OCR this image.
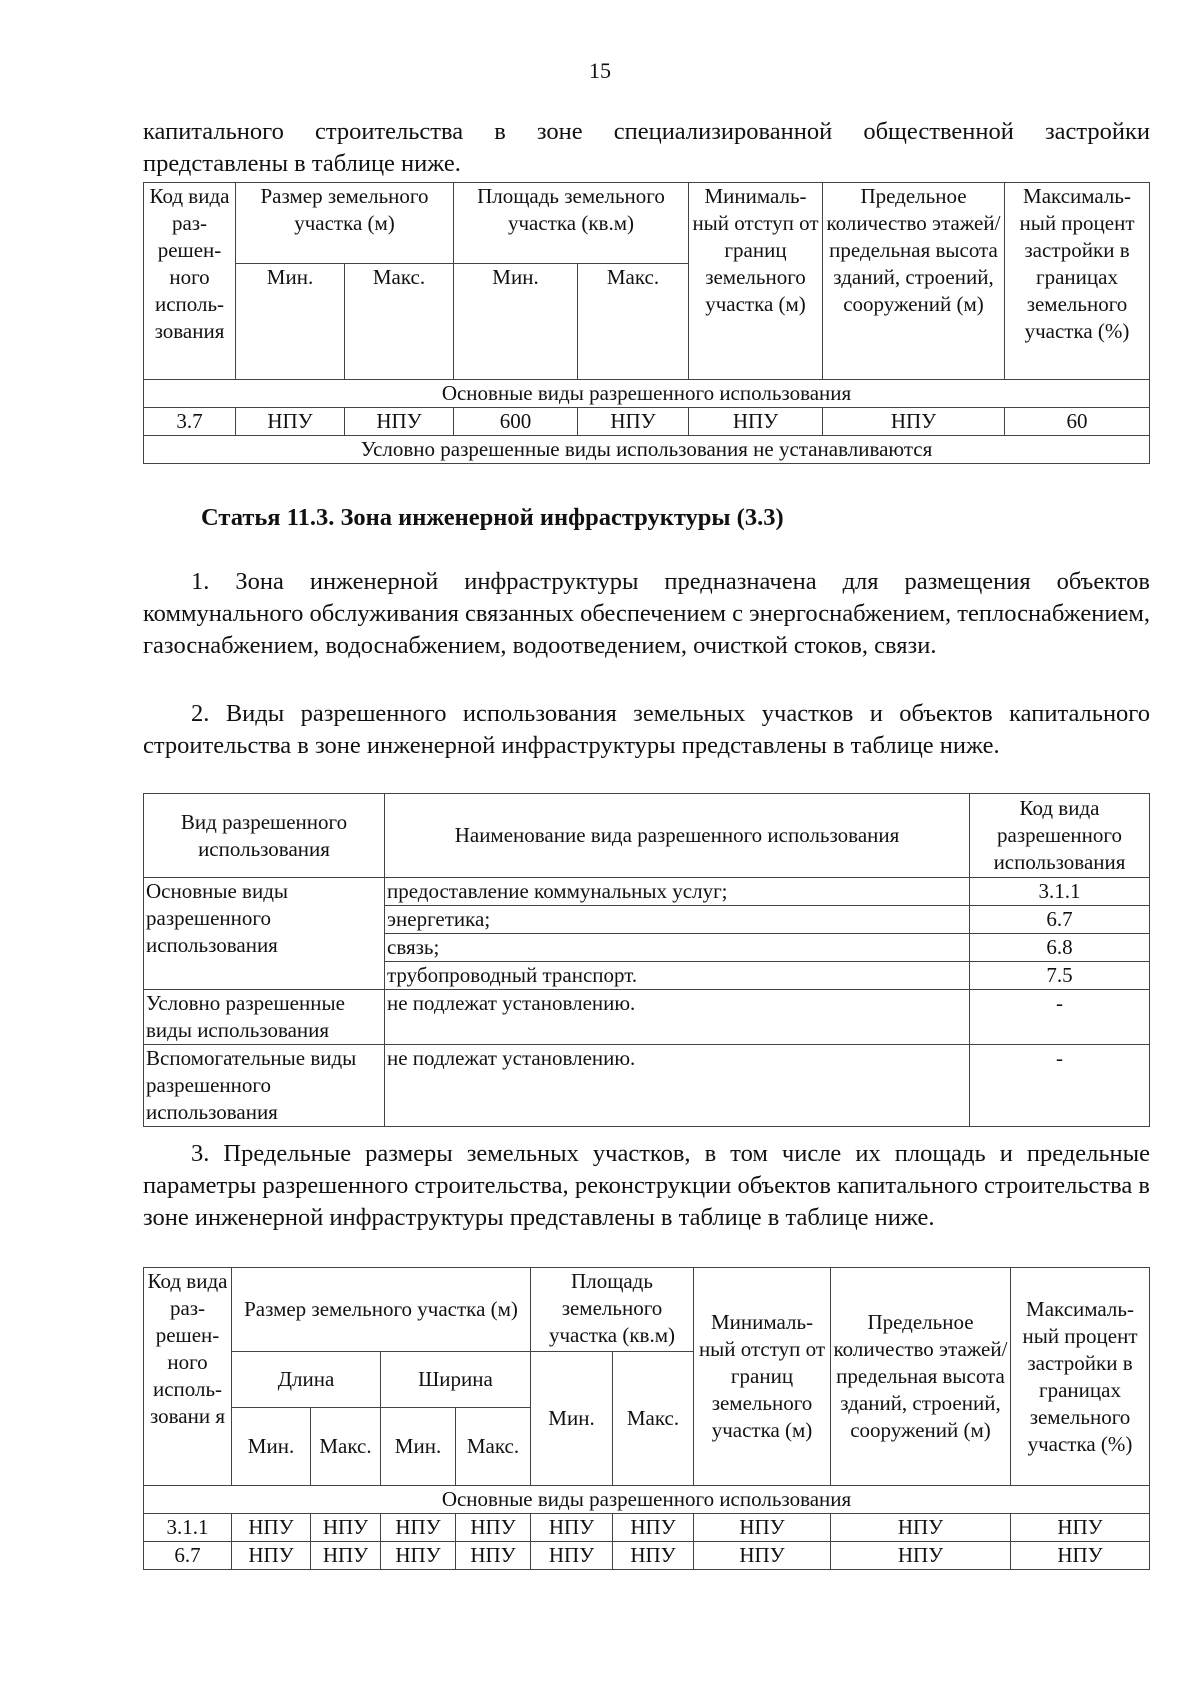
15

капитального строительства в зоне специализированной общественной застройки представлены в таблице ниже.

Код вида раз-решен-ного исполь-зования	Размер земельного участка (м)		Площадь земельного участка (кв.м)		Минималь-ный отступ от границ земельного участка (м)	Предельное количество этажей/ предельная высота зданий, строений, сооружений (м)	Максималь-ный процент застройки в границах земельного участка (%)
	Мин.	Макс.	Мин.	Макс.			
Основные виды разрешенного использования							
3.7	НПУ	НПУ	600	НПУ	НПУ	НПУ	60
Условно разрешенные виды использования не устанавливаются							
Статья 11.3. Зона инженерной инфраструктуры (3.3)

1. Зона инженерной инфраструктуры предназначена для размещения объектов коммунального обслуживания связанных обеспечением с энергоснабжением, теплоснабжением, газоснабжением, водоснабжением, водоотведением, очисткой стоков, связи.

2. Виды разрешенного использования земельных участков и объектов капитального строительства в зоне инженерной инфраструктуры представлены в таблице ниже.

Вид разрешенного использования	Наименование вида разрешенного использования	Код вида разрешенного использования
Основные виды разрешенного использования	предоставление коммунальных услуг;	3.1.1
	энергетика;	6.7
	связь;	6.8
	трубопроводный транспорт.	7.5
Условно разрешенные виды использования	не подлежат установлению.	-
Вспомогательные виды разрешенного использования	не подлежат установлению.	-

3. Предельные размеры земельных участков, в том числе их площадь и предельные параметры разрешенного строительства, реконструкции объектов капитального строительства в зоне инженерной инфраструктуры представлены в таблице в таблице ниже.

Код вида раз-решен-ного исполь-зовани я	Размер земельного участка (м)				Площадь земельного участка (кв.м)		Минималь-ный отступ от границ земельного участка (м)	Предельное количество этажей/ предельная высота зданий, строений, сооружений (м)	Максималь-ный процент застройки в границах земельного участка (%)
	Длина		Ширина		Мин.	Макс.			
	Мин.	Макс.	Мин.	Макс.					
Основные виды разрешенного использования									
3.1.1	НПУ	НПУ	НПУ	НПУ	НПУ	НПУ	НПУ	НПУ	НПУ
6.7	НПУ	НПУ	НПУ	НПУ	НПУ	НПУ	НПУ	НПУ	НПУ
